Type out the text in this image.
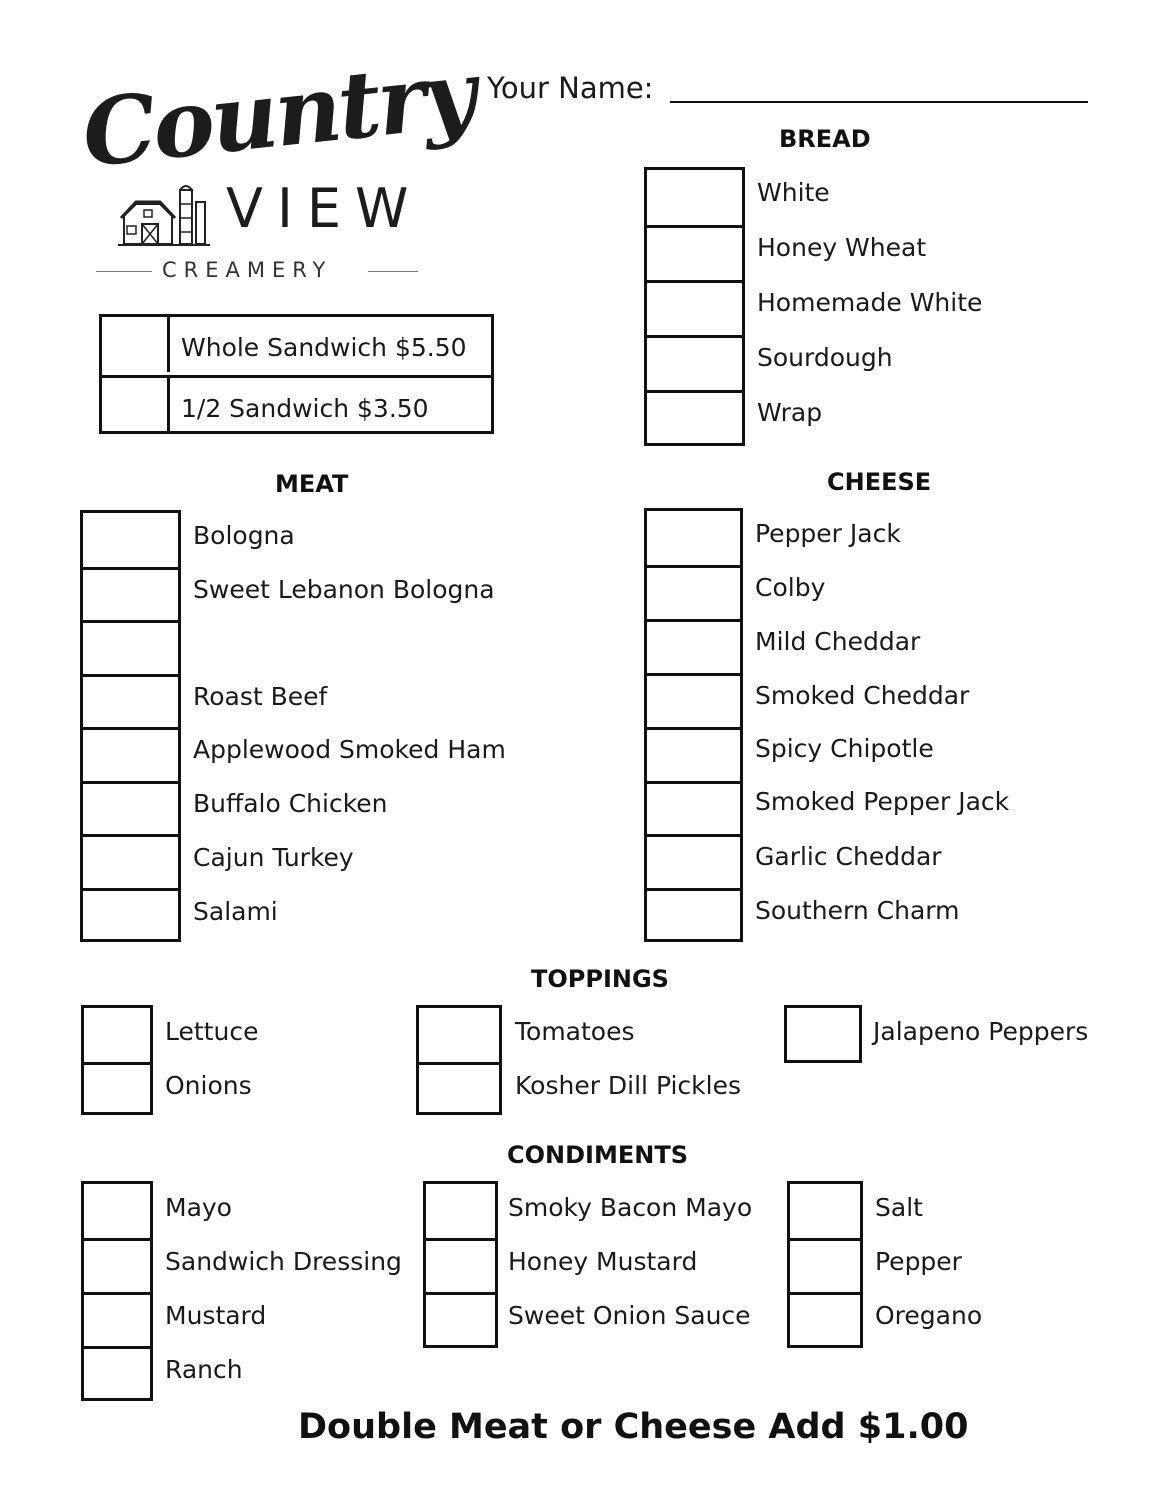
Country
VIEW
CREAMERY
Your Name:
Whole Sandwich $5.50
1/2 Sandwich $3.50
BREAD
White
Honey Wheat
Homemade White
Sourdough
Wrap
MEAT
Bologna
Sweet Lebanon Bologna
Roast Beef
Applewood Smoked Ham
Buffalo Chicken
Cajun Turkey
Salami
CHEESE
Pepper Jack
Colby
Mild Cheddar
Smoked Cheddar
Spicy Chipotle
Smoked Pepper Jack
Garlic Cheddar
Southern Charm
TOPPINGS
Lettuce
Onions
Tomatoes
Kosher Dill Pickles
Jalapeno Peppers
CONDIMENTS
Mayo
Sandwich Dressing
Mustard
Ranch
Smoky Bacon Mayo
Honey Mustard
Sweet Onion Sauce
Salt
Pepper
Oregano
Double Meat or Cheese Add $1.00
